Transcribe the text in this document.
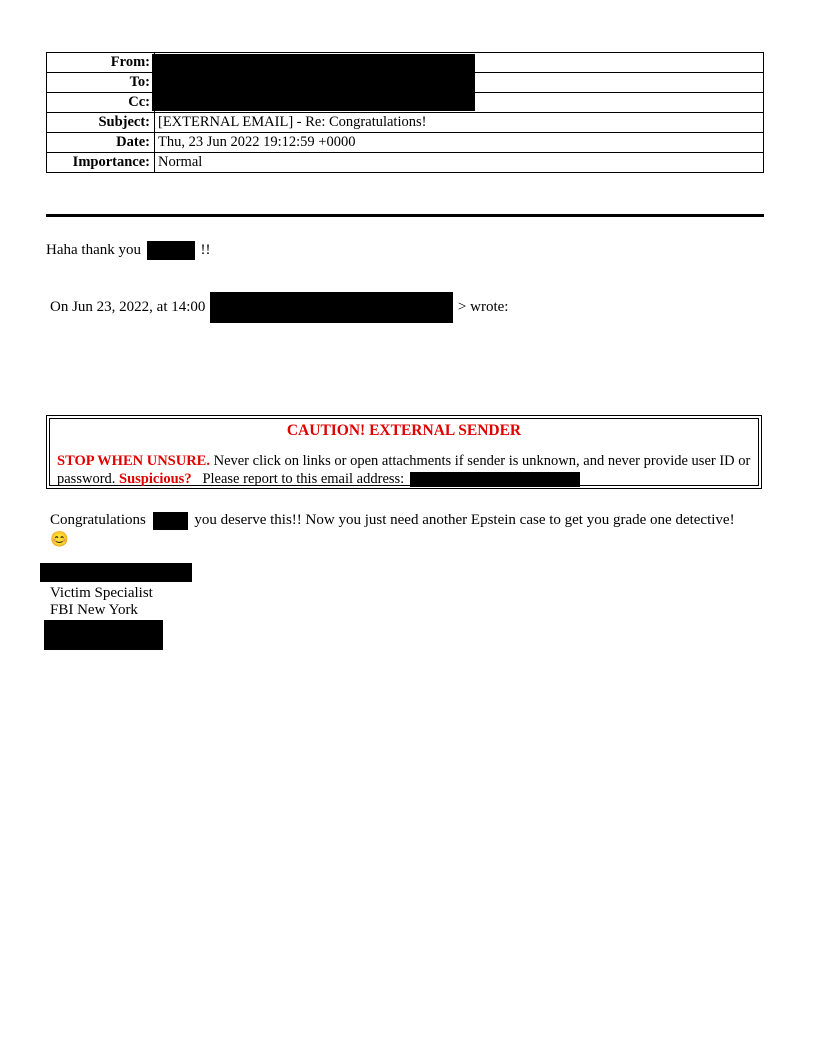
From:	
To:	
Cc:	
Subject:	[EXTERNAL EMAIL] - Re: Congratulations!
Date:	Thu, 23 Jun 2022 19:12:59 +0000
Importance:	Normal
Haha thank you	!!
On Jun 23, 2022, at 14:00	> wrote:
CAUTION! EXTERNAL SENDER
STOP WHEN UNSURE. Never click on links or open attachments if sender is unknown, and never provide user ID or password. Suspicious? Please report to this email address:
Congratulations	you deserve this!! Now you just need another Epstein case to get you grade one detective!
😊
Victim Specialist
FBI New York
